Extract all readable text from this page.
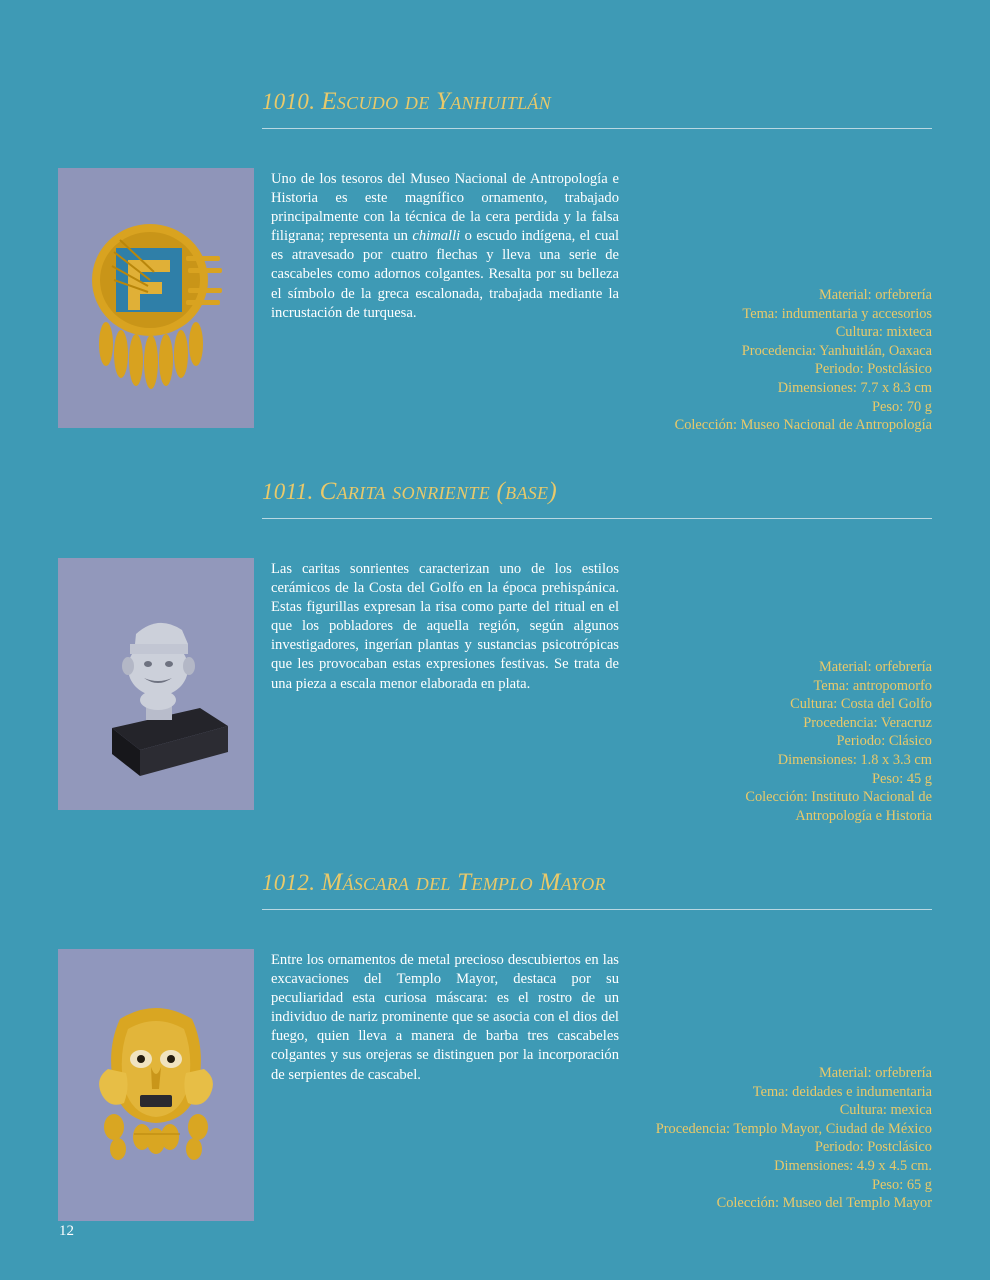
1010. Escudo de Yanhuitlán
Uno de los tesoros del Museo Nacional de Antropología e Historia es este magnífico ornamento, trabajado principalmente con la técnica de la cera perdida y la falsa filigrana; representa un chimalli o escudo indígena, el cual es atravesado por cuatro flechas y lleva una serie de cascabeles como adornos colgantes. Resalta por su belleza el símbolo de la greca escalonada, trabajada mediante la incrustación de turquesa.
Material: orfebrería
Tema: indumentaria y accesorios
Cultura: mixteca
Procedencia: Yanhuitlán, Oaxaca
Periodo: Postclásico
Dimensiones: 7.7 x 8.3 cm
Peso: 70 g
Colección: Museo Nacional de Antropología
1011. Carita sonriente (base)
Las caritas sonrientes caracterizan uno de los estilos cerámicos de la Costa del Golfo en la época prehispánica. Estas figurillas expresan la risa como parte del ritual en el que los pobladores de aquella región, según algunos investigadores, ingerían plantas y sustancias psicotrópicas que les provocaban estas expresiones festivas. Se trata de una pieza a escala menor elaborada en plata.
Material: orfebrería
Tema: antropomorfo
Cultura: Costa del Golfo
Procedencia: Veracruz
Periodo: Clásico
Dimensiones: 1.8 x 3.3 cm
Peso: 45 g
Colección: Instituto Nacional de
Antropología e Historia
1012. Máscara del Templo Mayor
Entre los ornamentos de metal precioso descubiertos en las excavaciones del Templo Mayor, destaca por su peculiaridad esta curiosa máscara: es el rostro de un individuo de nariz prominente que se asocia con el dios del fuego, quien lleva a manera de barba tres cascabeles colgantes y sus orejeras se distinguen por la incorporación de serpientes de cascabel.	Material: orfebrería
Tema: deidades e indumentaria
Cultura: mexica
Procedencia: Templo Mayor, Ciudad de México
Periodo: Postclásico
Dimensiones: 4.9 x 4.5 cm.
Peso: 65 g
Colección: Museo del Templo Mayor
12
